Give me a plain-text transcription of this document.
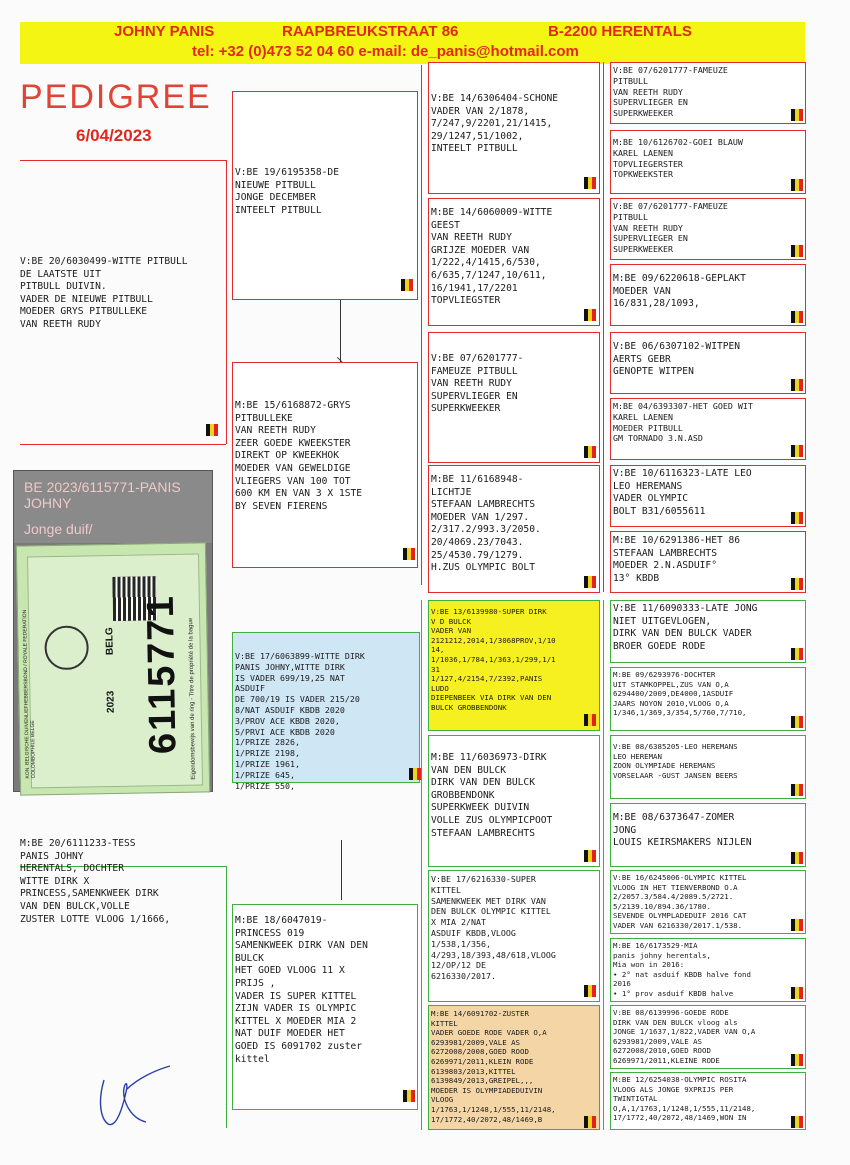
JOHNY PANIS	RAAPBREUKSTRAAT 86	B-2200 HERENTALS
tel: +32 (0)473 52 04 60 e-mail: de_panis@hotmail.com
PEDIGREE
6/04/2023
V:BE 20/6030499-WITTE PITBULL
DE LAATSTE UIT
PITBULL DUIVIN.
VADER DE NIEUWE PITBULL
MOEDER GRYS PITBULLEKE
VAN REETH RUDY
BE 2023/6115771-PANIS JOHNY
Jonge duif/
6115771
2023
BELG
KON. BELGISCHE DUIVENLIEFHEBBERSBOND / ROYALE FEDERATION COLOMBOPHILE BELGE	Eigendomsbewijs van de ring - Titre de propriété de la bague
M:BE 20/6111233-TESS
PANIS JOHNY
HERENTALS, DOCHTER
WITTE DIRK X
PRINCESS,SAMENKWEEK DIRK
VAN DEN BULCK,VOLLE
ZUSTER LOTTE VLOOG 1/1666,
V:BE 19/6195358-DE
NIEUWE PITBULL
JONGE DECEMBER
INTEELT PITBULL
M:BE 15/6168872-GRYS
PITBULLEKE
VAN REETH RUDY
ZEER GOEDE KWEEKSTER
DIREKT OP KWEEKHOK
MOEDER VAN GEWELDIGE
VLIEGERS VAN 100 TOT
600 KM EN VAN 3 X 1STE
BY SEVEN FIERENS
V:BE 17/6063899-WITTE DIRK
PANIS JOHNY,WITTE DIRK
IS VADER 699/19,25 NAT
ASDUIF
DE 700/19 IS VADER 215/20
8/NAT ASDUIF KBDB 2020
3/PROV ACE KBDB 2020,
5/PRVI ACE KBDB 2020
1/PRIZE 2826,
1/PRIZE 2198,
1/PRIZE 1961,
1/PRIZE 645,
1/PRIZE 550,
M:BE 18/6047019-
PRINCESS 019
SAMENKWEEK DIRK VAN DEN
BULCK
HET GOED VLOOG 11 X
PRIJS ,
VADER IS SUPER KITTEL
ZIJN VADER IS OLYMPIC
KITTEL X MOEDER MIA 2
NAT DUIF MOEDER HET
GOED IS 6091702 zuster
kittel
V:BE 14/6306404-SCHONE
VADER VAN 2/1878,
7/247,9/2201,21/1415,
29/1247,51/1002,
INTEELT PITBULL
M:BE 14/6060009-WITTE
GEEST
VAN REETH RUDY
GRIJZE MOEDER VAN
1/222,4/1415,6/530,
6/635,7/1247,10/611,
16/1941,17/2201
TOPVLIEGSTER
V:BE 07/6201777-
FAMEUZE PITBULL
VAN REETH RUDY
SUPERVLIEGER EN
SUPERKWEEKER
M:BE 11/6168948-
LICHTJE
STEFAAN LAMBRECHTS
MOEDER VAN 1/297.
2/317.2/993.3/2050.
20/4069.23/7043.
25/4530.79/1279.
H.ZUS OLYMPIC BOLT
V:BE 13/6139980-SUPER DIRK
V D BULCK
VADER VAN
2121212,2014,1/3068PROV,1/10
14,
1/1036,1/784,1/363,1/299,1/1
31
1/127,4/2154,7/2392,PANIS
LUDO
DIEPENBEEK VIA DIRK VAN DEN
BULCK GROBBENDONK
M:BE 11/6036973-DIRK
VAN DEN BULCK
DIRK VAN DEN BULCK
GROBBENDONK
SUPERKWEEK DUIVIN
VOLLE ZUS OLYMPICPOOT
STEFAAN LAMBRECHTS
V:BE 17/6216330-SUPER
KITTEL
SAMENKWEEK MET DIRK VAN
DEN BULCK OLYMPIC KITTEL
X MIA 2/NAT
ASDUIF KBDB,VLOOG
1/538,1/356,
4/293,18/393,48/618,VLOOG
12/OP/12 DE
6216330/2017.
M:BE 14/6091702-ZUSTER
KITTEL
VADER GOEDE RODE VADER O,A
6293981/2009,VALE AS
6272008/2008,GOED ROOD
6269971/2011,KLEIN RODE
6139803/2013,KITTEL
6139849/2013,GREIPEL,,,
MOEDER IS OLYMPIADEDUIVIN
VLOOG
1/1763,1/1248,1/555,11/2148,
17/1772,40/2072,48/1469,B
V:BE 07/6201777-FAMEUZE
PITBULL
VAN REETH RUDY
SUPERVLIEGER EN
SUPERKWEEKER
M:BE 10/6126702-GOEI BLAUW
KAREL LAENEN
TOPVLIEGERSTER
TOPKWEEKSTER
V:BE 07/6201777-FAMEUZE
PITBULL
VAN REETH RUDY
SUPERVLIEGER EN
SUPERKWEEKER
M:BE 09/6220618-GEPLAKT
MOEDER VAN
16/831,28/1093,
V:BE 06/6307102-WITPEN
AERTS GEBR
GENOPTE WITPEN
M:BE 04/6393307-HET GOED WIT
KAREL LAENEN
MOEDER PITBULL
GM TORNADO 3.N.ASD
V:BE 10/6116323-LATE LEO
LEO HEREMANS
VADER OLYMPIC
BOLT B31/6055611
M:BE 10/6291386-HET 86
STEFAAN LAMBRECHTS
MOEDER 2.N.ASDUIF°
13° KBDB
V:BE 11/6090333-LATE JONG
NIET UITGEVLOGEN,
DIRK VAN DEN BULCK VADER
BROER GOEDE RODE
M:BE 09/6293976-DOCHTER
UIT STAMKOPPEL,ZUS VAN O,A
6294400/2009,DE4000,1ASDUIF
JAARS NOYON 2010,VLOOG O,A
1/346,1/369,3/354,5/760,7/710,
V:BE 08/6385205-LEO HEREMANS
LEO HEREMAN
ZOON OLYMPIADE HEREMANS
VORSELAAR -GUST JANSEN BEERS
M:BE 08/6373647-ZOMER
JONG
LOUIS KEIRSMAKERS NIJLEN
V:BE 16/6245006-OLYMPIC KITTEL
VLOOG IN HET TIENVERBOND O.A
2/2057.3/584.4/2089.5/2721.
5/2139.10/894.36/1780.
SEVENDE OLYMPLADEDUIF 2016 CAT
VADER VAN 6216330/2017.1/538.
M:BE 16/6173529-MIA
panis johny herentals,
Mia won in 2016:
• 2° nat asduif KBDB halve fond
2016
• 1° prov asduif KBDB halve
V:BE 08/6139996-GOEDE RODE
DIRK VAN DEN BULCK vloog als
JONGE 1/1637,1/822,VADER VAN O,A
6293981/2009,VALE AS
6272008/2010,GOED ROOD
6269971/2011,KLEINE RODE
M:BE 12/6254038-OLYMPIC ROSITA
VLOOG ALS JONGE 9XPRIJS PER
TWINTIGTAL
O,A,1/1763,1/1248,1/555,11/2148,
17/1772,40/2072,48/1469,WON IN
